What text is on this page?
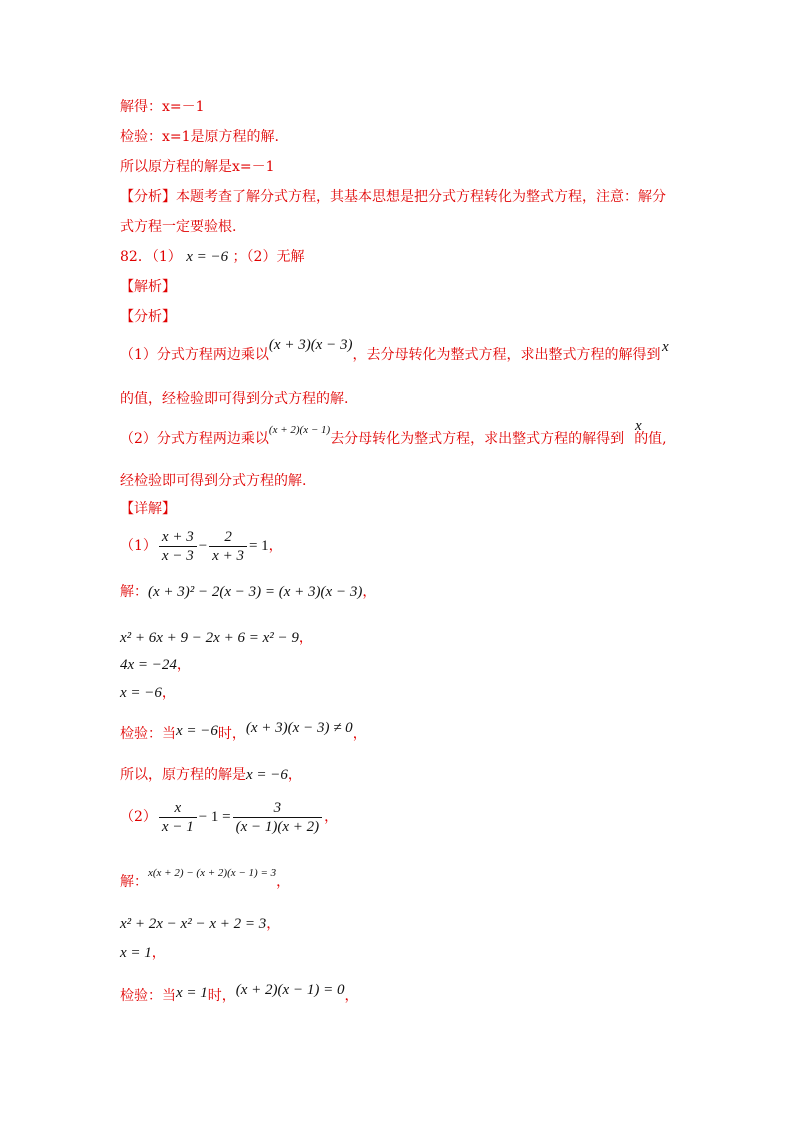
解得：x=－1
检验：x=1是原方程的解.
所以原方程的解是x=－1
【分析】本题考查了解分式方程，其基本思想是把分式方程转化为整式方程，注意：解分
式方程一定要验根.
82．（1） x = −6 ；（2）无解
【解析】
【分析】
（1）分式方程两边乘以(x + 3)(x − 3)，去分母转化为整式方程，求出整式方程的解得到 x
的值，经检验即可得到分式方程的解.
（2）分式方程两边乘以$^{(x + 2)(x - 1)}$去分母转化为整式方程，求出整式方程的解得到 的值,
x
经检验即可得到分式方程的解.
【详解】
$(1) \frac{x + 3}{x - 3} - \frac{2}{x + 3} = 1$，
解：(x + 3)² − 2(x − 3) = (x + 3)(x − 3)，
x² + 6x + 9 − 2x + 6 = x² − 9，
4x = −24，
x = −6，
检验：当x = −6时，(x + 3)(x − 3) ≠ 0，
所以，原方程的解是x = −6，
$(2) \frac{x}{x - 1} - 1 = \frac{3}{(x - 1)(x + 2)}$ ，
解：$^{x(x + 2) - (x + 2)(x - 1) = 3}$，
x² + 2x − x² − x + 2 = 3，
x = 1，
检验：当x = 1时，(x + 2)(x − 1) = 0，
